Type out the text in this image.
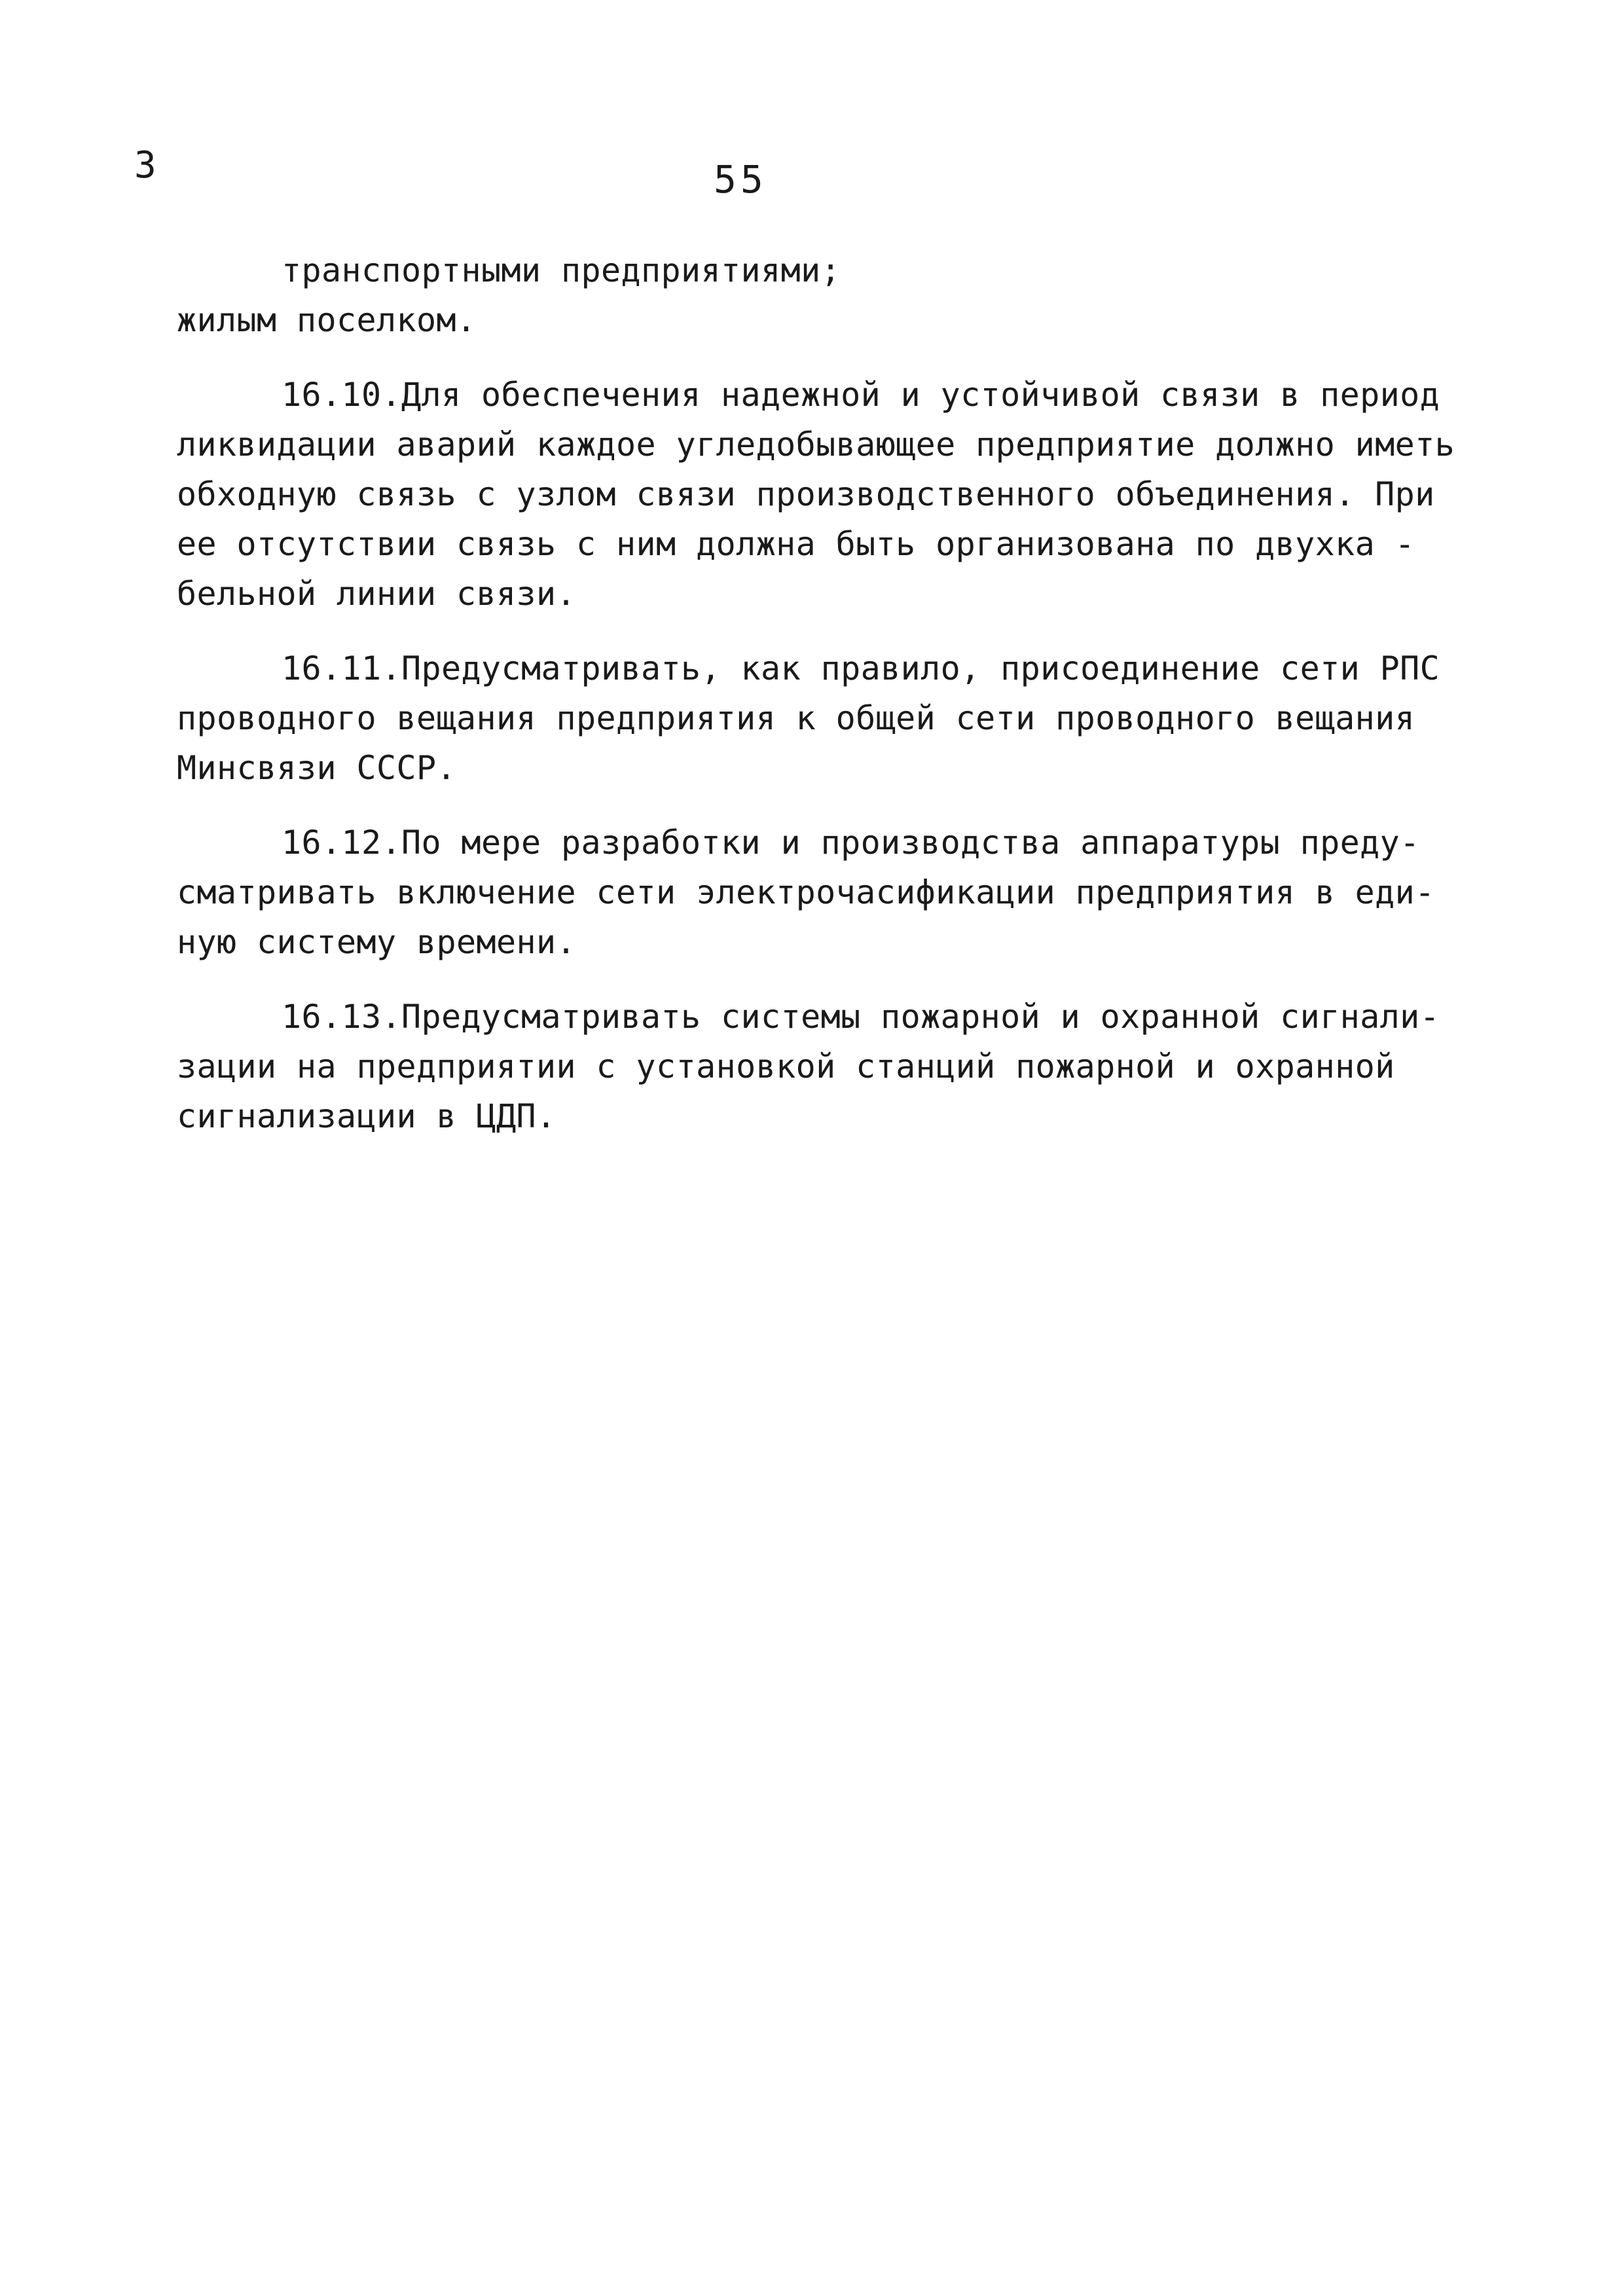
3	55
транспортными предприятиями;
жилым поселком.
16.10.Для обеспечения надежной и устойчивой связи в период
ликвидации аварий каждое угледобывающее предприятие должно иметь
обходную связь с узлом связи производственного объединения. При
ее отсутствии связь с ним должна быть организована по двухка -
бельной линии связи.
16.11.Предусматривать, как правило, присоединение сети РПС
проводного вещания предприятия к общей сети проводного вещания
Минсвязи СССР.
16.12.По мере разработки и производства аппаратуры преду-
сматривать включение сети электрочасификации предприятия в еди-
ную систему времени.
16.13.Предусматривать системы пожарной и охранной сигнали-
зации на предприятии с установкой станций пожарной и охранной
сигнализации в ЦДП.
